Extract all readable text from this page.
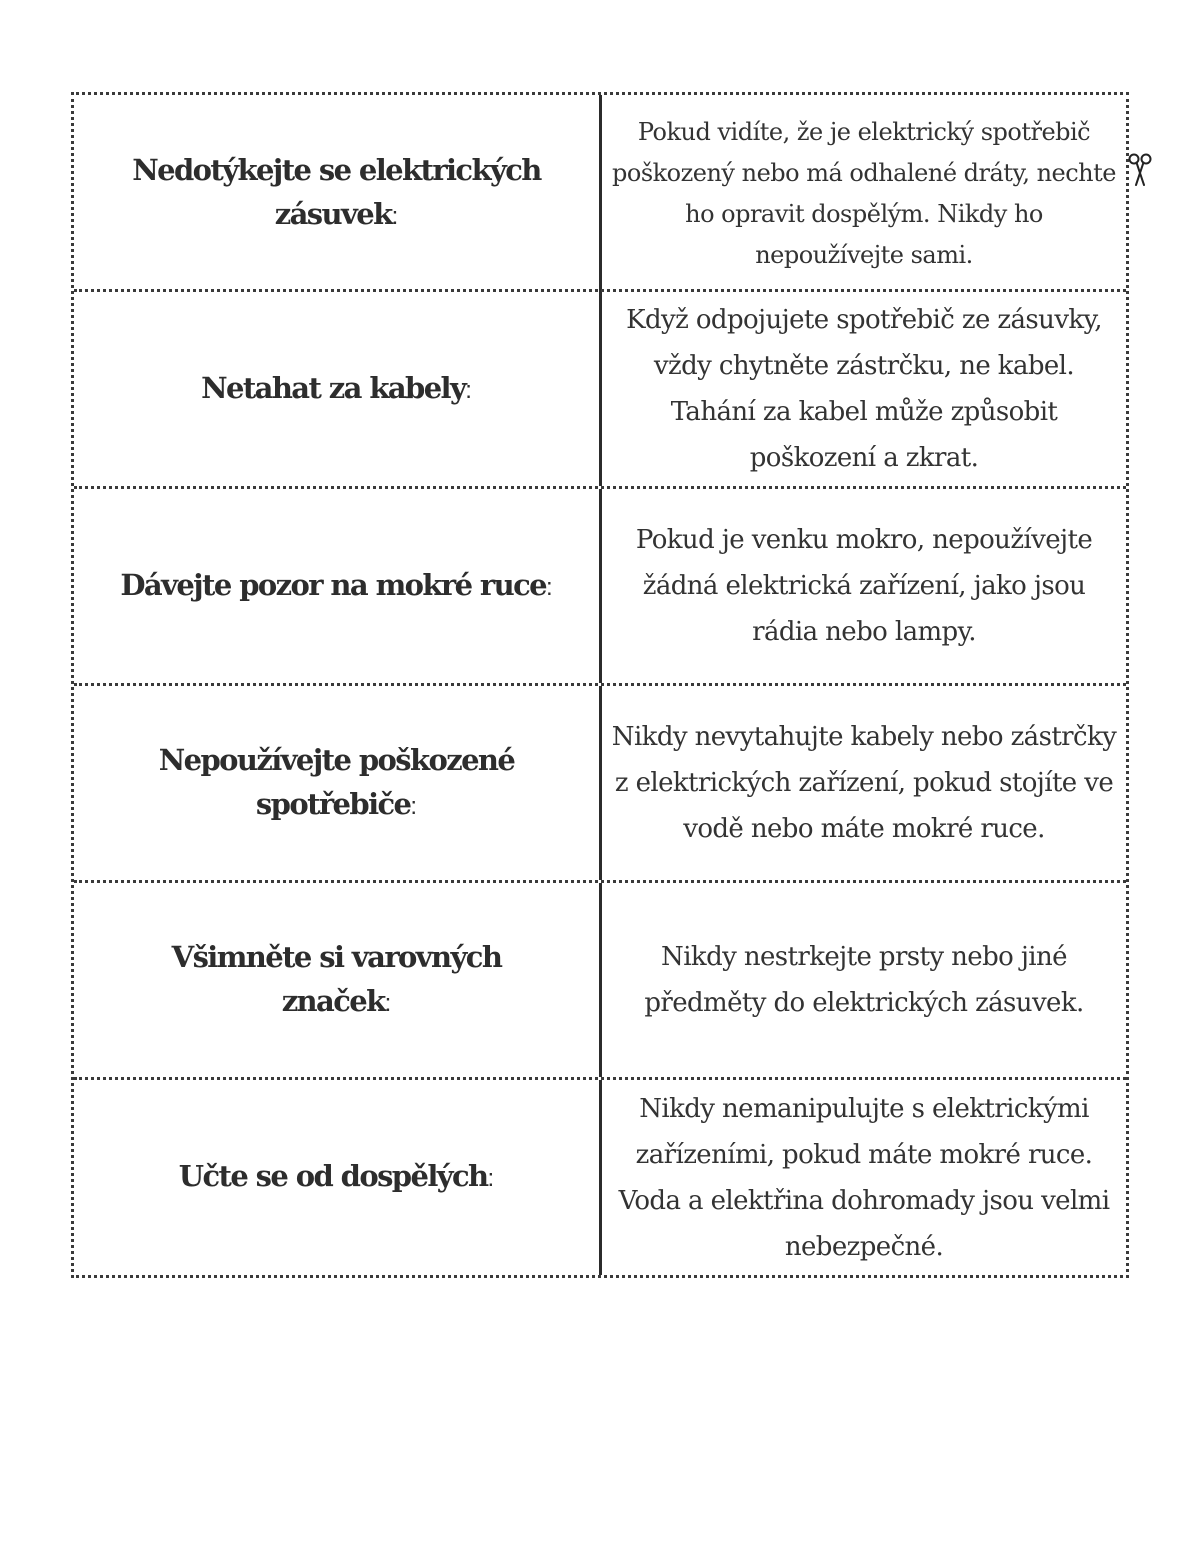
Nedotýkejte se elektrických zásuvek:
Pokud vidíte, že je elektrický spotřebič poškozený nebo má odhalené dráty, nechte ho opravit dospělým. Nikdy ho nepoužívejte sami.
Netahat za kabely:
Když odpojujete spotřebič ze zásuvky, vždy chytněte zástrčku, ne kabel. Tahání za kabel může způsobit poškození a zkrat.
Dávejte pozor na mokré ruce:
Pokud je venku mokro, nepoužívejte žádná elektrická zařízení, jako jsou rádia nebo lampy.
Nepoužívejte poškozené spotřebiče:
Nikdy nevytahujte kabely nebo zástrčky z elektrických zařízení, pokud stojíte ve vodě nebo máte mokré ruce.
Všimněte si varovných značek:
Nikdy nestrkejte prsty nebo jiné předměty do elektrických zásuvek.
Učte se od dospělých:
Nikdy nemanipulujte s elektrickými zařízeními, pokud máte mokré ruce. Voda a elektřina dohromady jsou velmi nebezpečné.
